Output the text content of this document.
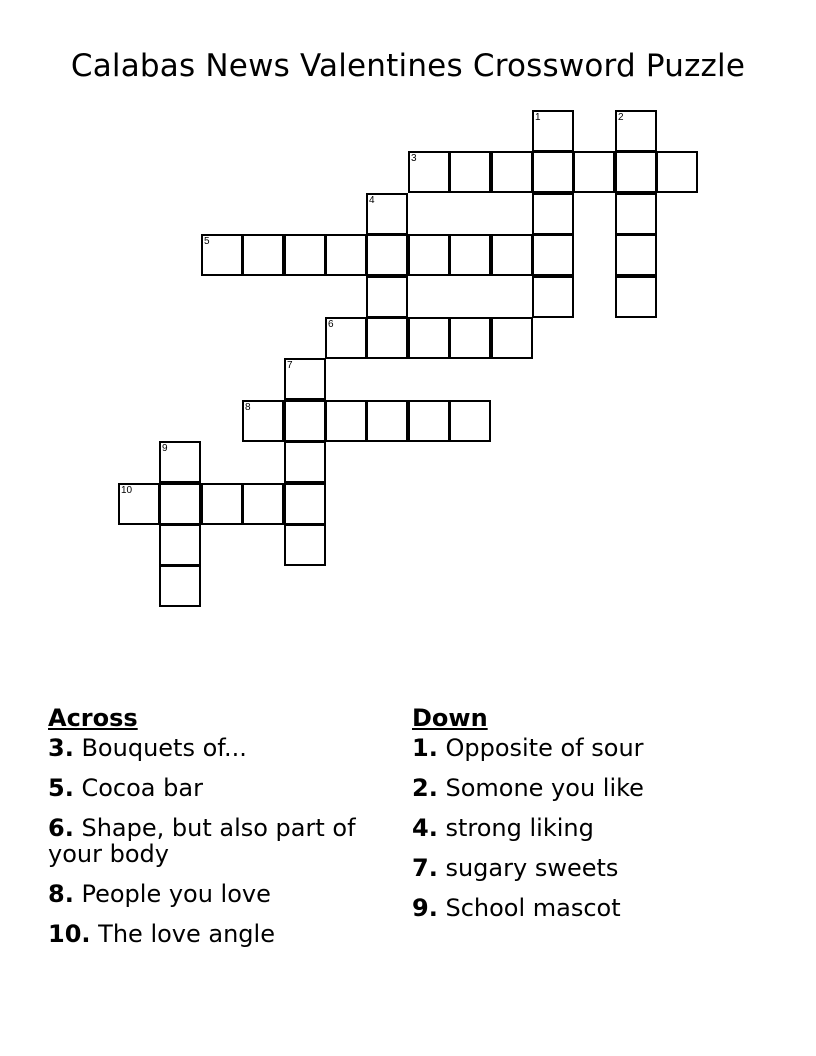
Calabas News Valentines Crossword Puzzle
1	2
3
4
5
6
7
8
9
10
Across
3. Bouquets of...
5. Cocoa bar
6. Shape, but also part of your body
8. People you love
10. The love angle
Down
1. Opposite of sour
2. Somone you like
4. strong liking
7. sugary sweets
9. School mascot
